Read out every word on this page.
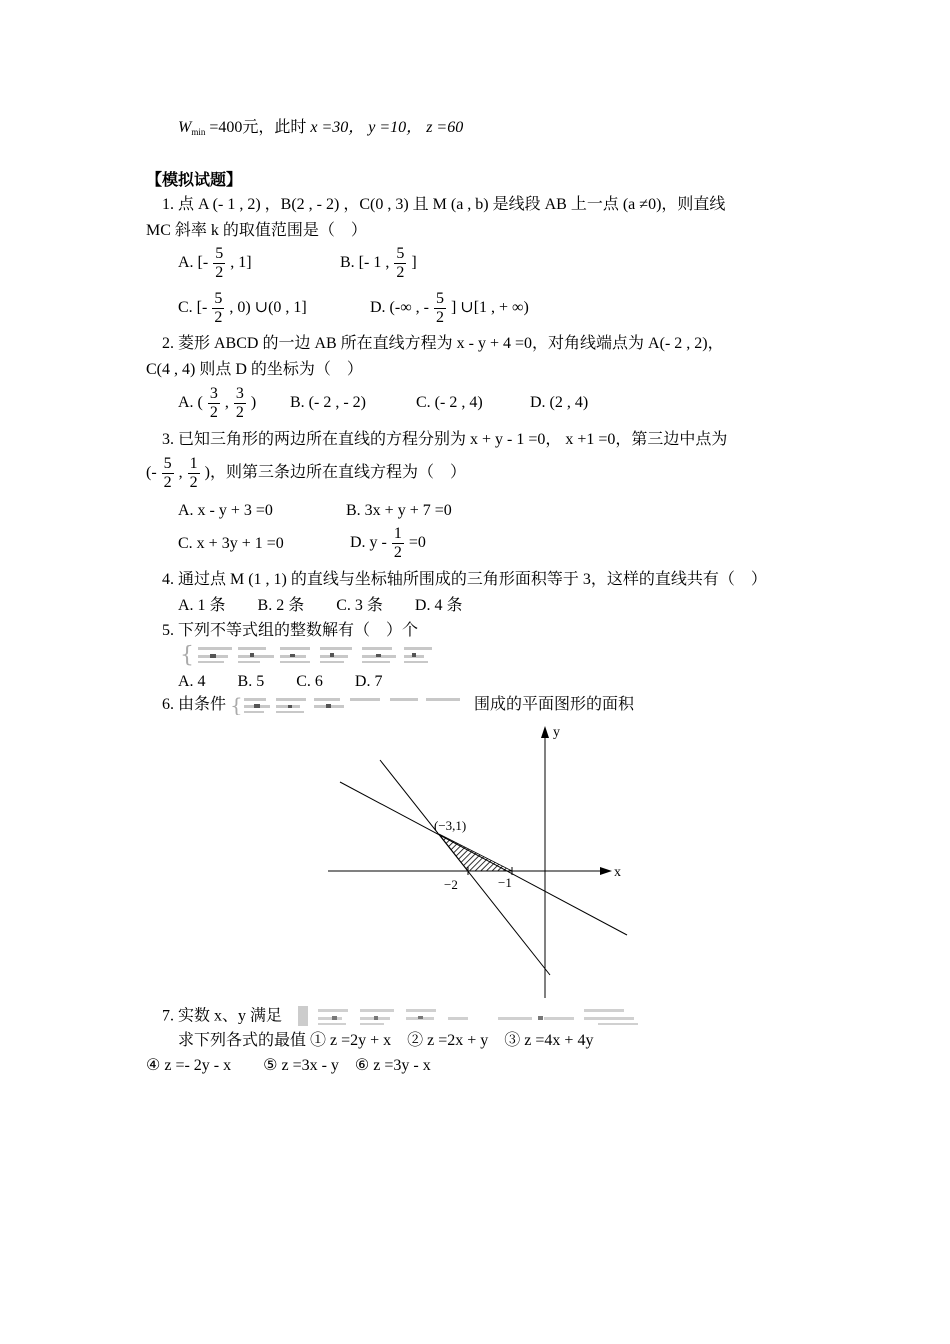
$W_{min} =400$元，此时 x =30， y =10， z =60
【模拟试题】
1. 点 A (- 1 , 2) ，B(2 , - 2) ，C(0 , 3) 且 M (a , b) 是线段 AB 上一点 (a ≠0)，则直线
MC 斜率 k 的取值范围是（　）
A. [- $\frac{5}{2}$ , 1]	B. [- 1 , $\frac{5}{2}$ ]
C. [- $\frac{5}{2}$ , 0) ∪(0 , 1]	D. (-∞ , - $\frac{5}{2}$ ] ∪[1 , + ∞)
2. 菱形 ABCD 的一边 AB 所在直线方程为 x - y + 4 =0，对角线端点为 A(- 2 , 2)，
C(4 , 4) 则点 D 的坐标为（　）
A. ( $\frac{3}{2}$ , $\frac{3}{2}$ ) B. (- 2 , - 2)	C. (- 2 , 4)	D. (2 , 4)
3. 已知三角形的两边所在直线的方程分别为 x + y - 1 =0， x +1 =0，第三边中点为
(- $\frac{5}{2}$ , $\frac{1}{2}$ )，则第三条边所在直线方程为（　）
A. x - y + 3 =0	B. 3x + y + 7 =0
C. x + 3y + 1 =0	D. $y - \frac{1}{2} =0$
4. 通过点 M (1 , 1) 的直线与坐标轴所围成的三角形面积等于 3，这样的直线共有（　）
A. 1 条　　B. 2 条　　C. 3 条　　D. 4 条
5. 下列不等式组的整数解有（　）个
{
A. 4　　B. 5　　C. 6　　D. 7
6. 由条件 {	围成的平面图形的面积
y
x
(−3,1)
−2	−1
7. 实数 x、y 满足
求下列各式的最值 ① z =2y + x　② z =2x + y　③ z =4x + 4y
④ z =- 2y - x　　⑤ z =3x - y　⑥ z =3y - x
